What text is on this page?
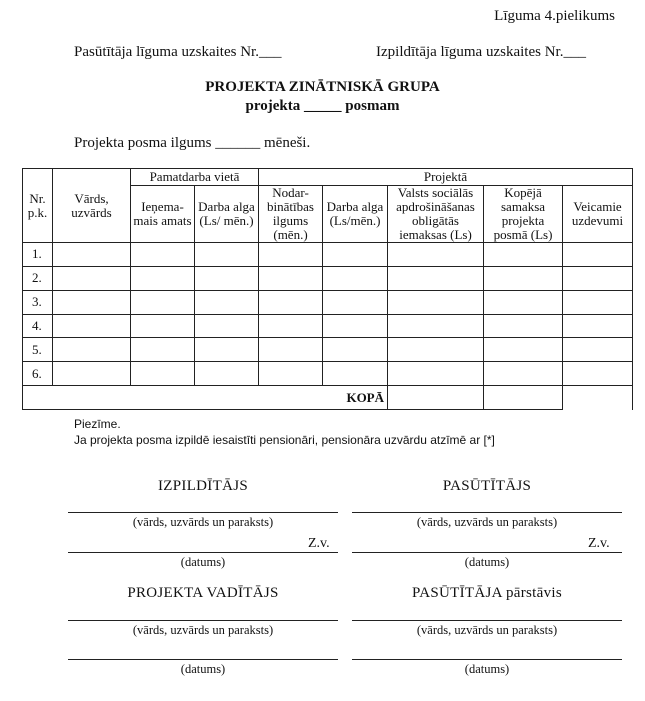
Līguma 4.pielikums
Pasūtītāja līguma uzskaites Nr.___	Izpildītāja līguma uzskaites Nr.___
PROJEKTA ZINĀTNISKĀ GRUPA
projekta _____ posmam
Projekta posma ilgums ______ mēneši.
Nr. p.k.	Vārds, uzvārds	Pamatdarba vietā		Projektā				
		Ieņema- mais amats	Darba alga (Ls/ mēn.)	Nodar- binātības ilgums (mēn.)	Darba alga (Ls/mēn.)	Valsts sociālās apdrošināšanas obligātās iemaksas (Ls)	Kopējā samaksa projekta posmā (Ls)	Veicamie uzdevumi

1.								
2.								
3.								
4.								
5.								
6.								
KOPĀ								
Piezīme.
Ja projekta posma izpildē iesaistīti pensionāri, pensionāra uzvārdu atzīmē ar [*]
IZPILDĪTĀJS
(vārds, uzvārds un paraksts)
Z.v.
(datums)
PASŪTĪTĀJS
(vārds, uzvārds un paraksts)
Z.v.
(datums)
PROJEKTA VADĪTĀJS
(vārds, uzvārds un paraksts)
(datums)
PASŪTĪTĀJA pārstāvis
(vārds, uzvārds un paraksts)
(datums)
